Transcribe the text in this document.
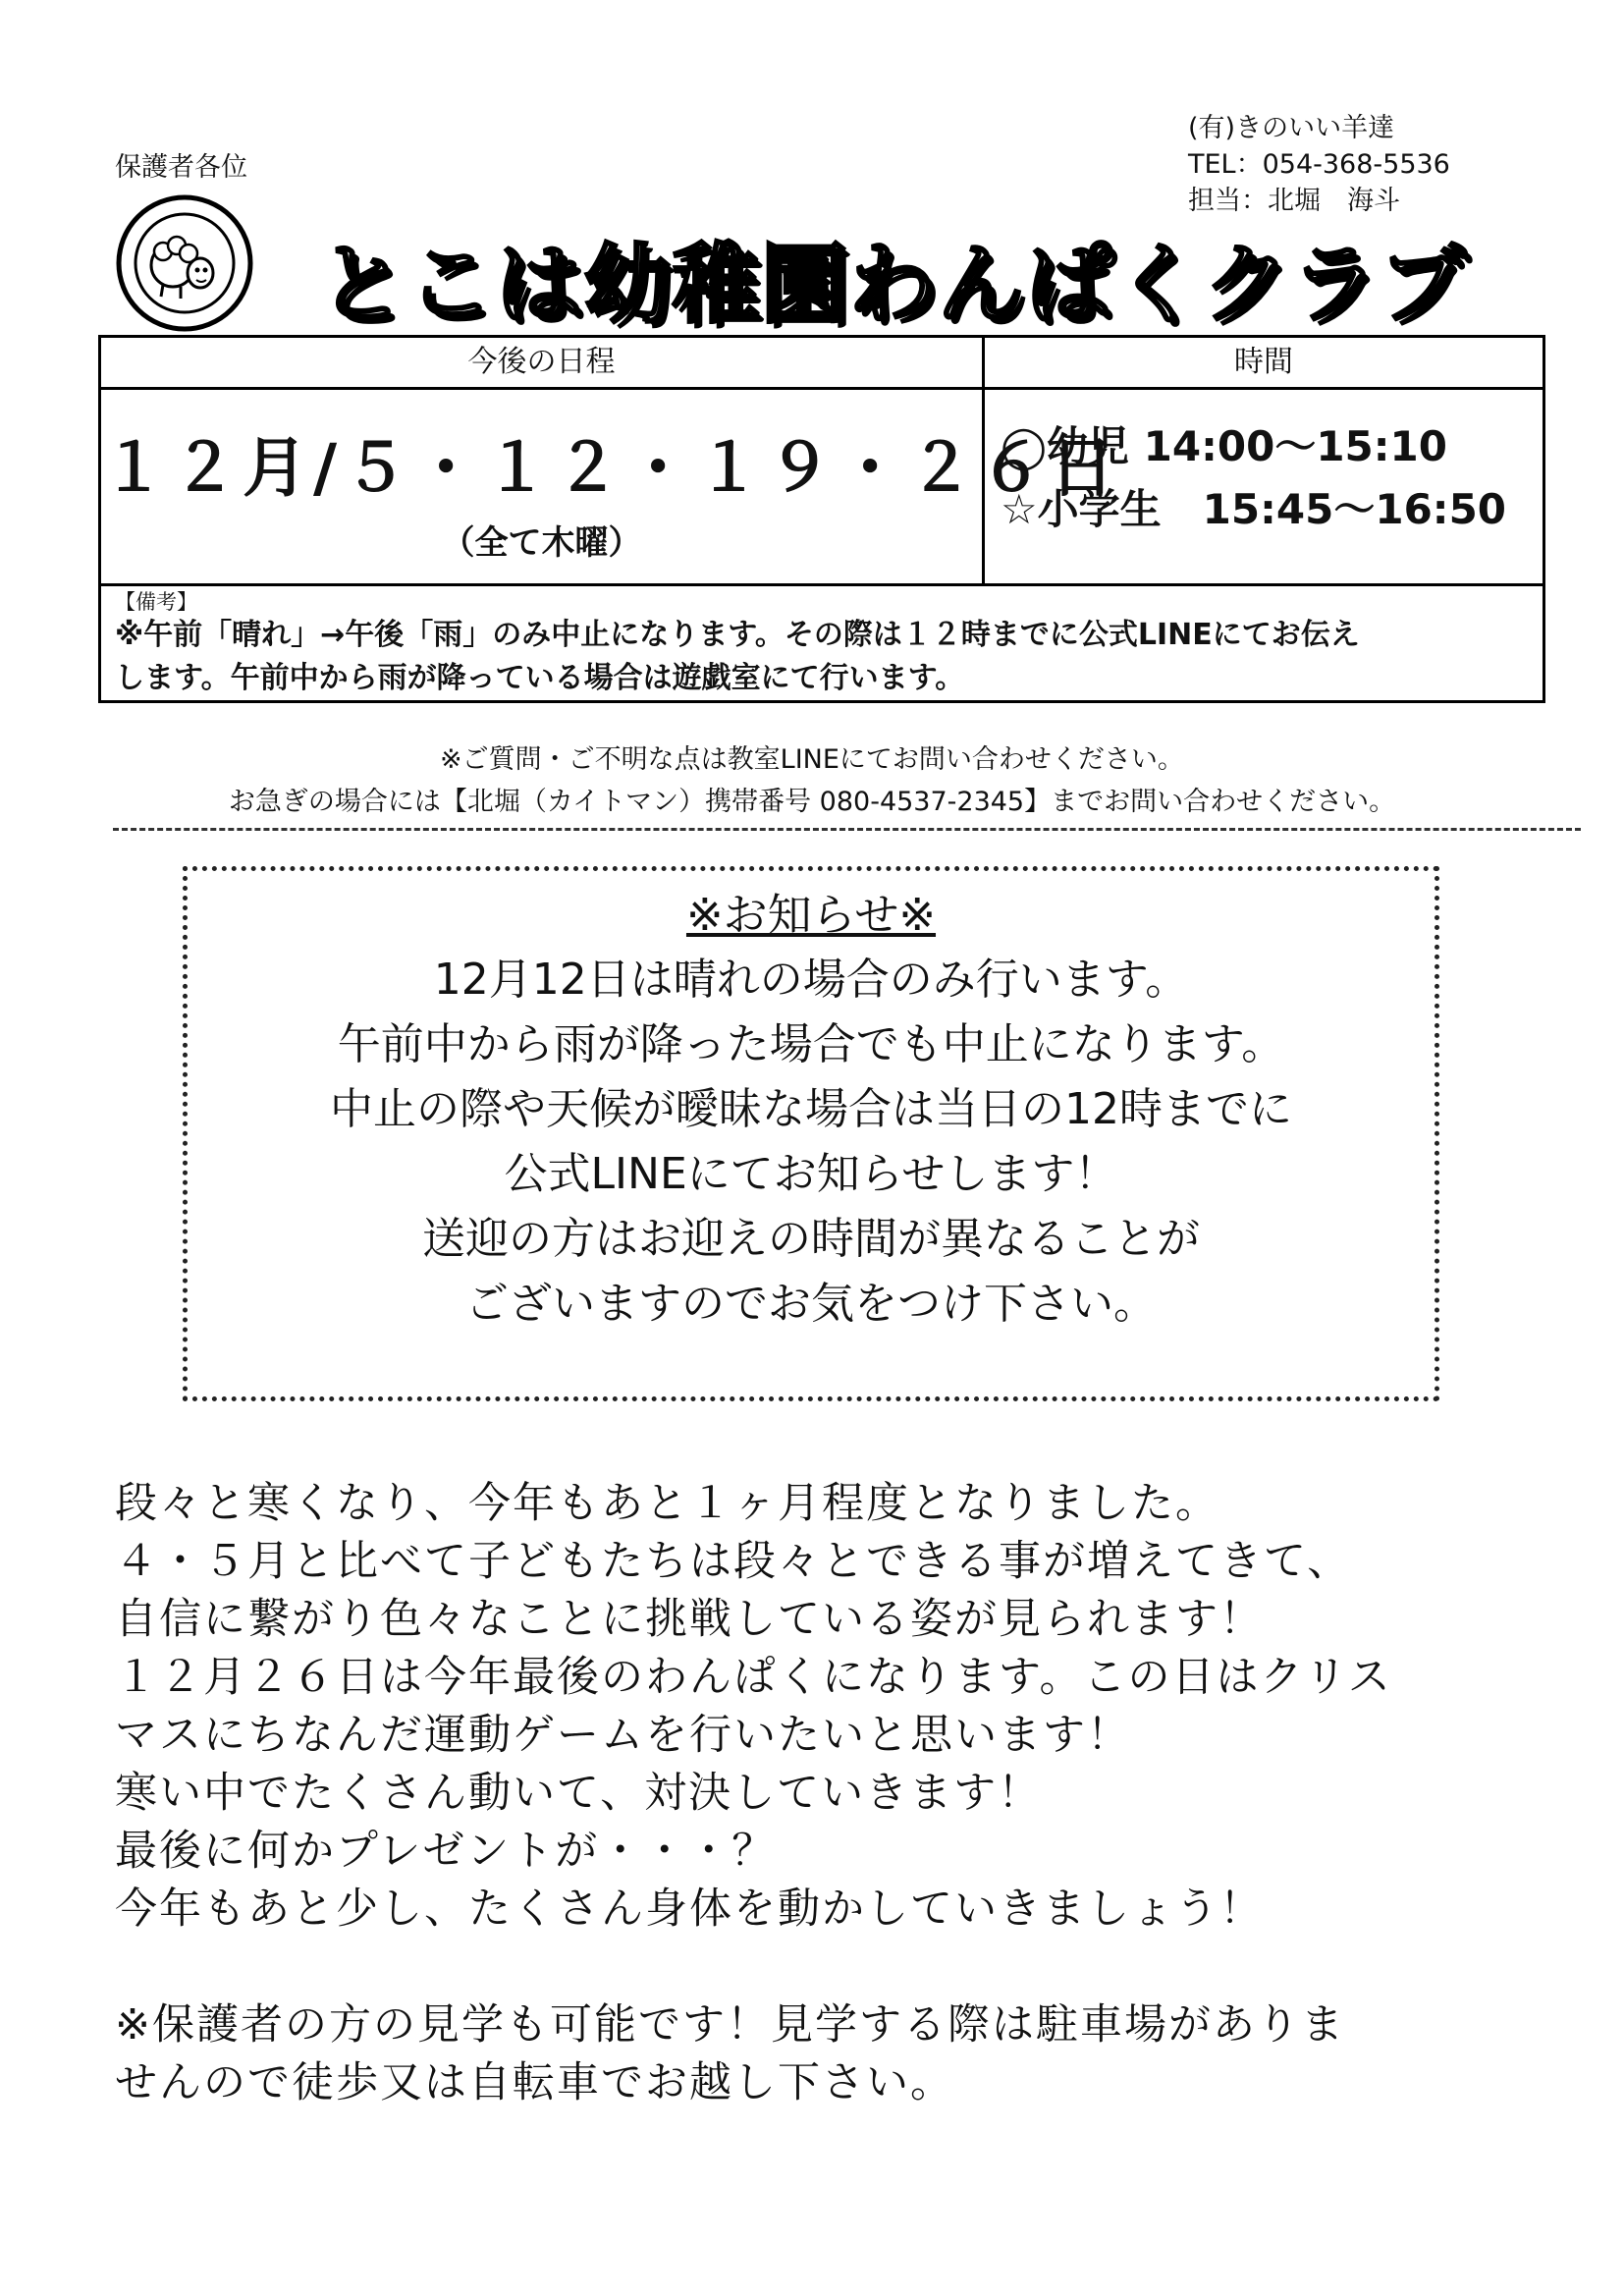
保護者各位
(有)きのいい羊達
TEL：054-368-5536
担当：北堀　海斗
とこは幼稚園わんぱくクラブ
今後の日程	時間
１２月/５・１２・１９・２６日
（全て木曜）
◯幼児 14:00～15:10
☆小学生　15:45～16:50
【備考】
※午前「晴れ」→午後「雨」のみ中止になります。その際は１２時までに公式LINEにてお伝え
します。午前中から雨が降っている場合は遊戯室にて行います。
※ご質問・ご不明な点は教室LINEにてお問い合わせください。
お急ぎの場合には【北堀（カイトマン）携帯番号 080-4537-2345】までお問い合わせください。
※お知らせ※
12月12日は晴れの場合のみ行います。
午前中から雨が降った場合でも中止になります。
中止の際や天候が曖昧な場合は当日の12時までに
公式LINEにてお知らせします！
送迎の方はお迎えの時間が異なることが
ございますのでお気をつけ下さい。
段々と寒くなり、今年もあと１ヶ月程度となりました。
４・５月と比べて子どもたちは段々とできる事が増えてきて、
自信に繋がり色々なことに挑戦している姿が見られます！
１２月２６日は今年最後のわんぱくになります。この日はクリス
マスにちなんだ運動ゲームを行いたいと思います！
寒い中でたくさん動いて、対決していきます！
最後に何かプレゼントが・・・？
今年もあと少し、たくさん身体を動かしていきましょう！
※保護者の方の見学も可能です！見学する際は駐車場がありま
せんので徒歩又は自転車でお越し下さい。
